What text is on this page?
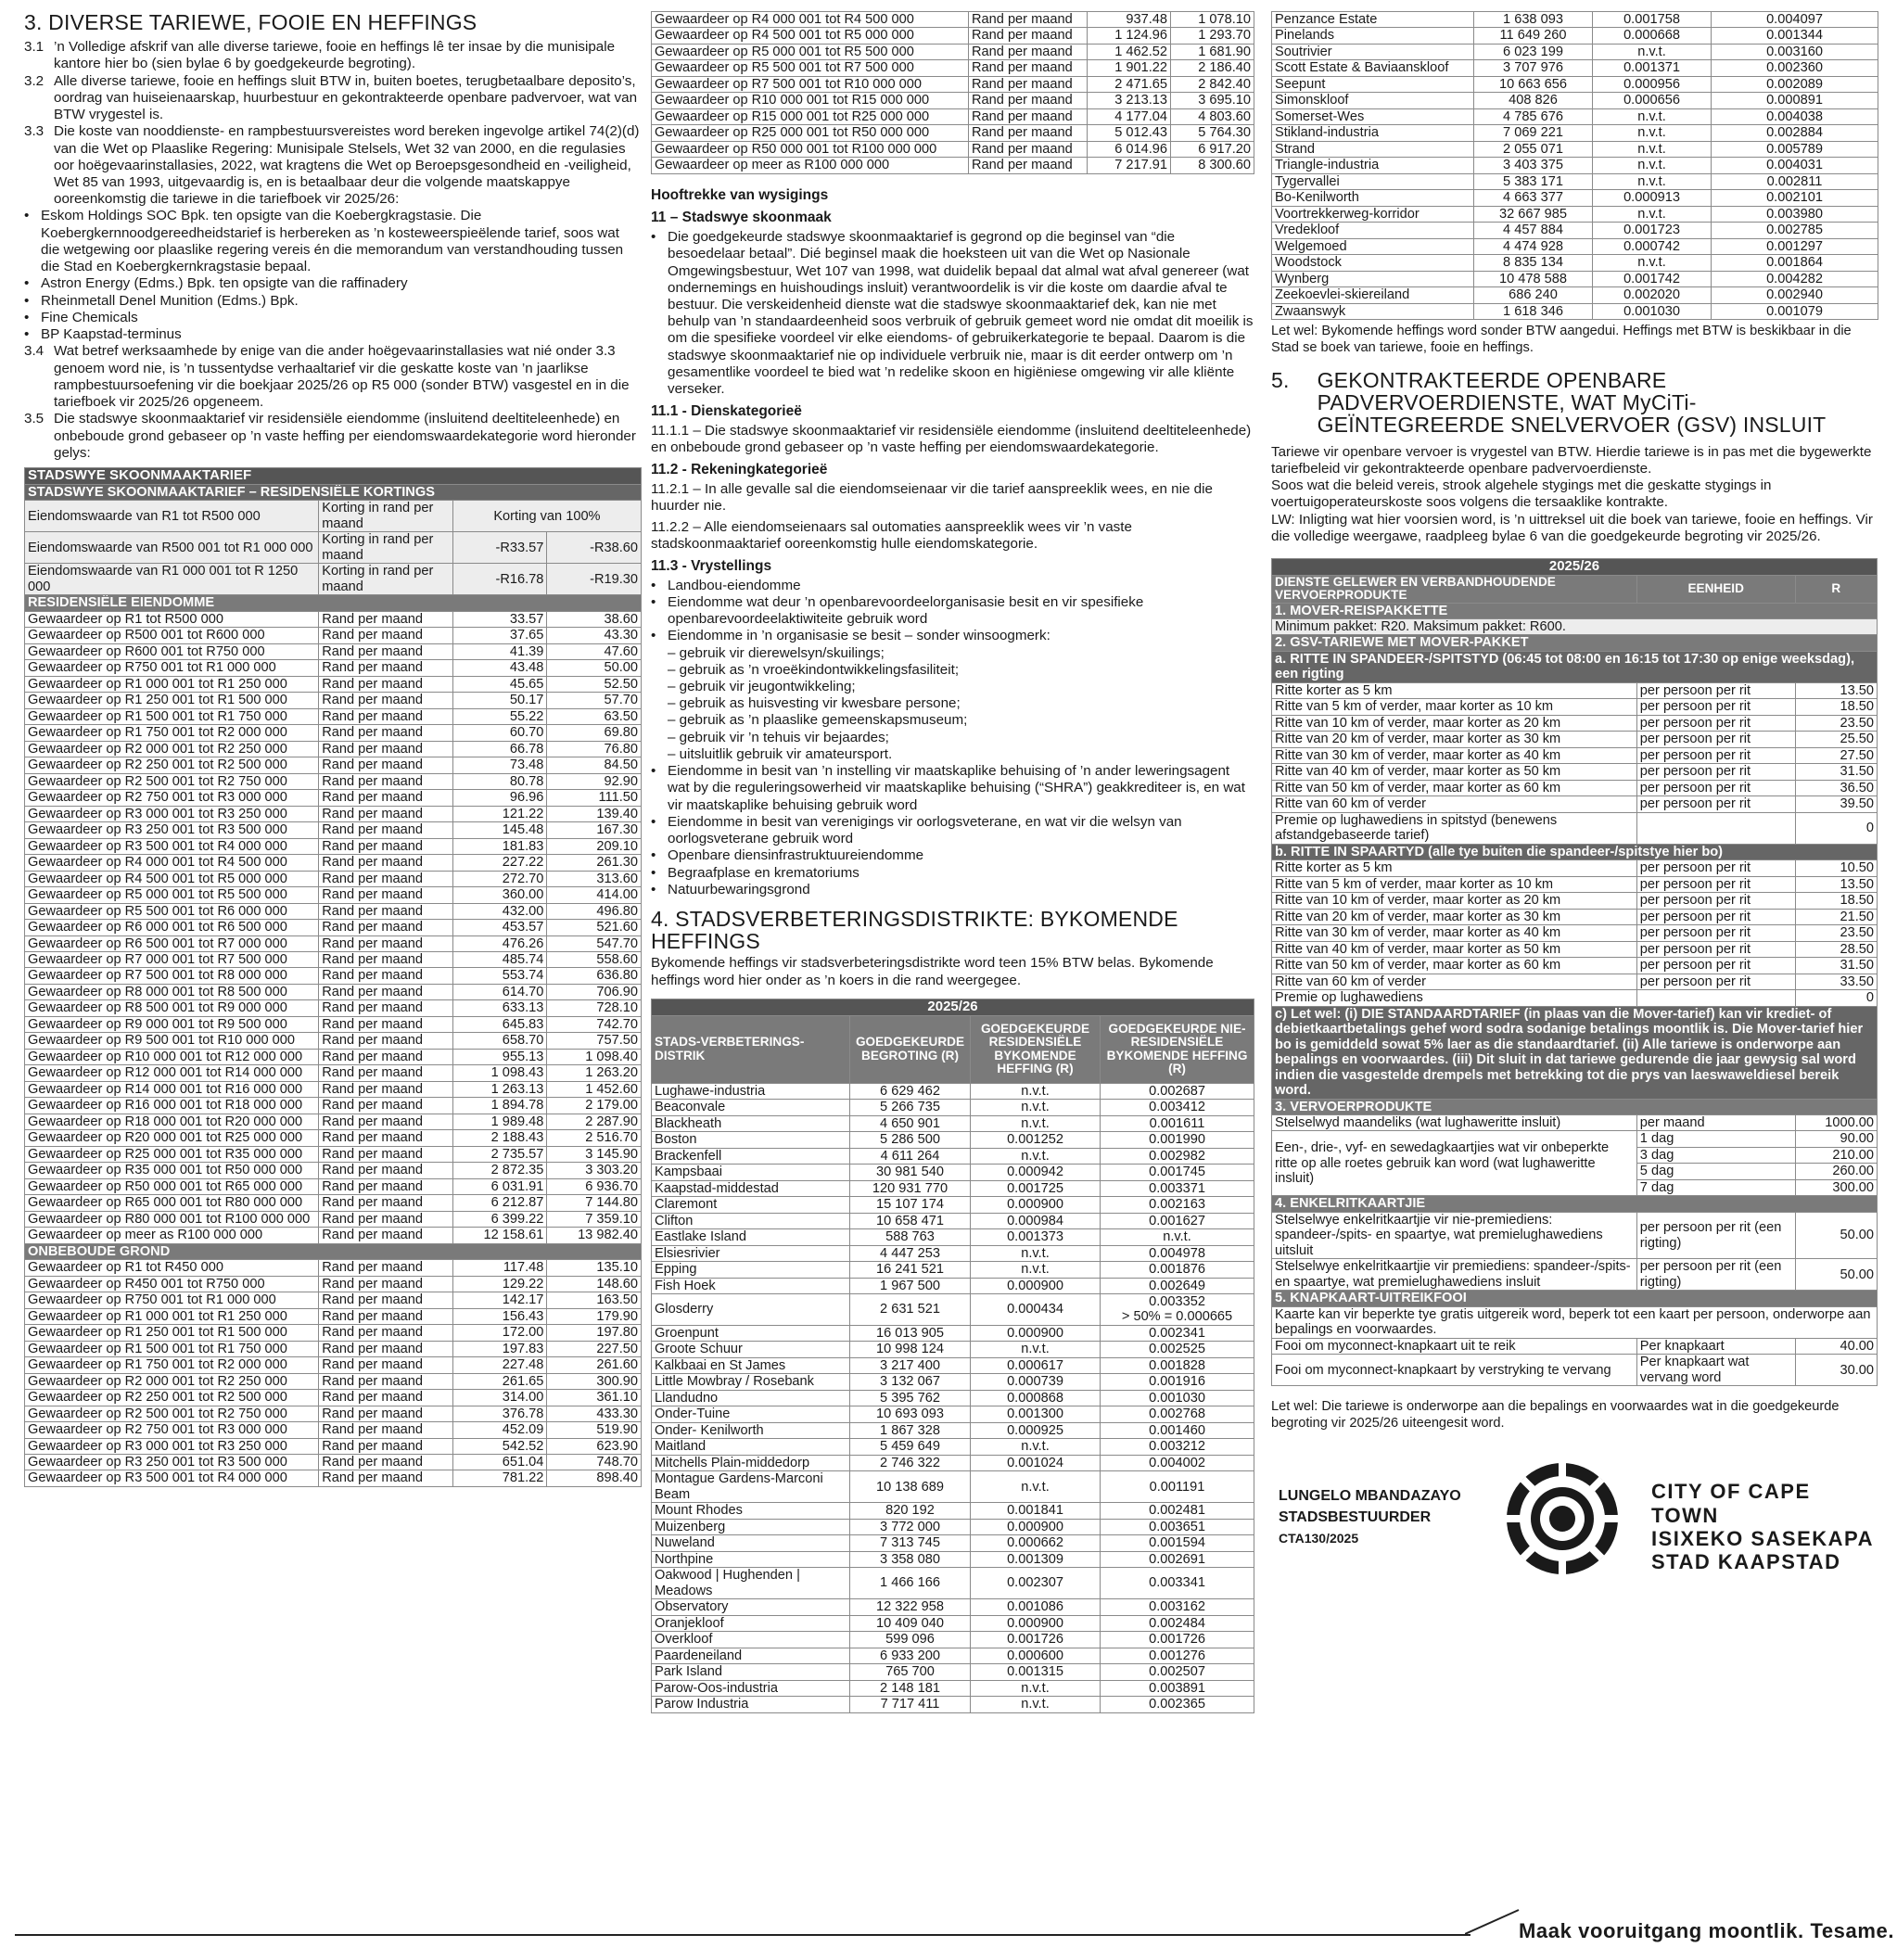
3. DIVERSE TARIEWE, FOOIE EN HEFFINGS
3.1 ’n Volledige afskrif van alle diverse tariewe, fooie en heffings lê ter insae by die munisipale kantore hier bo (sien bylae 6 by goedgekeurde begroting).
3.2 Alle diverse tariewe, fooie en heffings sluit BTW in, buiten boetes, terugbetaalbare deposito’s, oordrag van huiseienaarskap, huurbestuur en gekontrakteerde openbare padvervoer, wat van BTW vrygestel is.
3.3 Die koste van nooddienste- en rampbestuursvereistes word bereken ingevolge artikel 74(2)(d) van die Wet op Plaaslike Regering: Munisipale Stelsels, Wet 32 van 2000, en die regulasies oor hoëgevaarinstallasies, 2022, wat kragtens die Wet op Beroepsgesondheid en -veiligheid, Wet 85 van 1993, uitgevaardig is, en is betaalbaar deur die volgende maatskappye ooreenkomstig die tariewe in die tariefboek vir 2025/26:
• Eskom Holdings SOC Bpk. ten opsigte van die Koebergkragstasie. Die Koebergkernnoodgereedheidstarief is herbereken as ’n kosteweerspieëlende tarief, soos wat die wetgewing oor plaaslike regering vereis én die memorandum van verstandhouding tussen die Stad en Koebergkernkragstasie bepaal.
• Astron Energy (Edms.) Bpk. ten opsigte van die raffinadery
• Rheinmetall Denel Munition (Edms.) Bpk.
• Fine Chemicals
• BP Kaapstad-terminus
3.4 Wat betref werksaamhede by enige van die ander hoëgevaarinstallasies wat nié onder 3.3 genoem word nie, is ’n tussentydse verhaaltarief vir die geskatte koste van ’n jaarlikse rampbestuursoefening vir die boekjaar 2025/26 op R5 000 (sonder BTW) vasgestel en in die tariefboek vir 2025/26 opgeneem.
3.5 Die stadswye skoonmaaktarief vir residensiële eiendomme (insluitend deeltiteleenhede) en onbeboude grond gebaseer op ’n vaste heffing per eiendomswaardekategorie word hieronder gelys:
STADSWYE SKOONMAAKTARIEF			
STADSWYE SKOONMAAKTARIEF – RESIDENSIËLE KORTINGS			
Eiendomswaarde van R1 tot R500 000	Korting in rand per maand	Korting van 100%	
Eiendomswaarde van R500 001 tot R1 000 000	Korting in rand per maand	-R33.57	-R38.60
Eiendomswaarde van R1 000 001 tot R 1250 000	Korting in rand per maand	-R16.78	-R19.30
RESIDENSIËLE EIENDOMME			
Gewaardeer op R1 tot R500 000	Rand per maand	33.57	38.60
Gewaardeer op R500 001 tot R600 000	Rand per maand	37.65	43.30
Gewaardeer op R600 001 tot R750 000	Rand per maand	41.39	47.60
Gewaardeer op R750 001 tot R1 000 000	Rand per maand	43.48	50.00
Gewaardeer op R1 000 001 tot R1 250 000	Rand per maand	45.65	52.50
Gewaardeer op R1 250 001 tot R1 500 000	Rand per maand	50.17	57.70
Gewaardeer op R1 500 001 tot R1 750 000	Rand per maand	55.22	63.50
Gewaardeer op R1 750 001 tot R2 000 000	Rand per maand	60.70	69.80
Gewaardeer op R2 000 001 tot R2 250 000	Rand per maand	66.78	76.80
Gewaardeer op R2 250 001 tot R2 500 000	Rand per maand	73.48	84.50
Gewaardeer op R2 500 001 tot R2 750 000	Rand per maand	80.78	92.90
Gewaardeer op R2 750 001 tot R3 000 000	Rand per maand	96.96	111.50
Gewaardeer op R3 000 001 tot R3 250 000	Rand per maand	121.22	139.40
Gewaardeer op R3 250 001 tot R3 500 000	Rand per maand	145.48	167.30
Gewaardeer op R3 500 001 tot R4 000 000	Rand per maand	181.83	209.10
Gewaardeer op R4 000 001 tot R4 500 000	Rand per maand	227.22	261.30
Gewaardeer op R4 500 001 tot R5 000 000	Rand per maand	272.70	313.60
Gewaardeer op R5 000 001 tot R5 500 000	Rand per maand	360.00	414.00
Gewaardeer op R5 500 001 tot R6 000 000	Rand per maand	432.00	496.80
Gewaardeer op R6 000 001 tot R6 500 000	Rand per maand	453.57	521.60
Gewaardeer op R6 500 001 tot R7 000 000	Rand per maand	476.26	547.70
Gewaardeer op R7 000 001 tot R7 500 000	Rand per maand	485.74	558.60
Gewaardeer op R7 500 001 tot R8 000 000	Rand per maand	553.74	636.80
Gewaardeer op R8 000 001 tot R8 500 000	Rand per maand	614.70	706.90
Gewaardeer op R8 500 001 tot R9 000 000	Rand per maand	633.13	728.10
Gewaardeer op R9 000 001 tot R9 500 000	Rand per maand	645.83	742.70
Gewaardeer op R9 500 001 tot R10 000 000	Rand per maand	658.70	757.50
Gewaardeer op R10 000 001 tot R12 000 000	Rand per maand	955.13	1 098.40
Gewaardeer op R12 000 001 tot R14 000 000	Rand per maand	1 098.43	1 263.20
Gewaardeer op R14 000 001 tot R16 000 000	Rand per maand	1 263.13	1 452.60
Gewaardeer op R16 000 001 tot R18 000 000	Rand per maand	1 894.78	2 179.00
Gewaardeer op R18 000 001 tot R20 000 000	Rand per maand	1 989.48	2 287.90
Gewaardeer op R20 000 001 tot R25 000 000	Rand per maand	2 188.43	2 516.70
Gewaardeer op R25 000 001 tot R35 000 000	Rand per maand	2 735.57	3 145.90
Gewaardeer op R35 000 001 tot R50 000 000	Rand per maand	2 872.35	3 303.20
Gewaardeer op R50 000 001 tot R65 000 000	Rand per maand	6 031.91	6 936.70
Gewaardeer op R65 000 001 tot R80 000 000	Rand per maand	6 212.87	7 144.80
Gewaardeer op R80 000 001 tot R100 000 000	Rand per maand	6 399.22	7 359.10
Gewaardeer op meer as R100 000 000	Rand per maand	12 158.61	13 982.40
ONBEBOUDE GROND			
Gewaardeer op R1 tot R450 000	Rand per maand	117.48	135.10
Gewaardeer op R450 001 tot R750 000	Rand per maand	129.22	148.60
Gewaardeer op R750 001 tot R1 000 000	Rand per maand	142.17	163.50
Gewaardeer op R1 000 001 tot R1 250 000	Rand per maand	156.43	179.90
Gewaardeer op R1 250 001 tot R1 500 000	Rand per maand	172.00	197.80
Gewaardeer op R1 500 001 tot R1 750 000	Rand per maand	197.83	227.50
Gewaardeer op R1 750 001 tot R2 000 000	Rand per maand	227.48	261.60
Gewaardeer op R2 000 001 tot R2 250 000	Rand per maand	261.65	300.90
Gewaardeer op R2 250 001 tot R2 500 000	Rand per maand	314.00	361.10
Gewaardeer op R2 500 001 tot R2 750 000	Rand per maand	376.78	433.30
Gewaardeer op R2 750 001 tot R3 000 000	Rand per maand	452.09	519.90
Gewaardeer op R3 000 001 tot R3 250 000	Rand per maand	542.52	623.90
Gewaardeer op R3 250 001 tot R3 500 000	Rand per maand	651.04	748.70
Gewaardeer op R3 500 001 tot R4 000 000	Rand per maand	781.22	898.40
Gewaardeer op R4 000 001 tot R4 500 000	Rand per maand	937.48	1 078.10
Gewaardeer op R4 500 001 tot R5 000 000	Rand per maand	1 124.96	1 293.70
Gewaardeer op R5 000 001 tot R5 500 000	Rand per maand	1 462.52	1 681.90
Gewaardeer op R5 500 001 tot R7 500 000	Rand per maand	1 901.22	2 186.40
Gewaardeer op R7 500 001 tot R10 000 000	Rand per maand	2 471.65	2 842.40
Gewaardeer op R10 000 001 tot R15 000 000	Rand per maand	3 213.13	3 695.10
Gewaardeer op R15 000 001 tot R25 000 000	Rand per maand	4 177.04	4 803.60
Gewaardeer op R25 000 001 tot R50 000 000	Rand per maand	5 012.43	5 764.30
Gewaardeer op R50 000 001 tot R100 000 000	Rand per maand	6 014.96	6 917.20
Gewaardeer op meer as R100 000 000	Rand per maand	7 217.91	8 300.60
Hooftrekke van wysigings
11 – Stadswye skoonmaak
• Die goedgekeurde stadswye skoonmaaktarief is gegrond op die beginsel van “die besoedelaar betaal”. Dié beginsel maak die hoeksteen uit van die Wet op Nasionale Omgewingsbestuur, Wet 107 van 1998, wat duidelik bepaal dat almal wat afval genereer (wat ondernemings en huishoudings insluit) verantwoordelik is vir die koste om daardie afval te bestuur. Die verskeidenheid dienste wat die stadswye skoonmaaktarief dek, kan nie met behulp van ’n standaardeenheid soos verbruik of gebruik gemeet word nie omdat dit moeilik is om die spesifieke voordeel vir elke eiendoms- of gebruikerkategorie te bepaal. Daarom is die stadswye skoonmaaktarief nie op individuele verbruik nie, maar is dit eerder ontwerp om ’n gesamentlike voordeel te bied wat ’n redelike skoon en higiëniese omgewing vir alle kliënte verseker.
11.1 - Dienskategorieë

11.1.1 – Die stadswye skoonmaaktarief vir residensiële eiendomme (insluitend deeltiteleenhede) en onbeboude grond gebaseer op ’n vaste heffing per eiendomswaardekategorie.

11.2 - Rekeningkategorieë

11.2.1 – In alle gevalle sal die eiendomseienaar vir die tarief aanspreeklik wees, en nie die huurder nie.

11.2.2 – Alle eiendomseienaars sal outomaties aanspreeklik wees vir ’n vaste stadskoonmaaktarief ooreenkomstig hulle eiendomskategorie.

11.3 - Vrystellings
• Landbou-eiendomme
• Eiendomme wat deur ’n openbarevoordeelorganisasie besit en vir spesifieke openbarevoordeelaktiwiteite gebruik word
• Eiendomme in ’n organisasie se besit – sonder winsoogmerk:
– gebruik vir dierewelsyn/skuilings;
– gebruik as ’n vroeëkindontwikkelingsfasiliteit;
– gebruik vir jeugontwikkeling;
– gebruik as huisvesting vir kwesbare persone;
– gebruik as ’n plaaslike gemeenskapsmuseum;
– gebruik vir ’n tehuis vir bejaardes;
– uitsluitlik gebruik vir amateursport.
• Eiendomme in besit van ’n instelling vir maatskaplike behuising of ’n ander leweringsagent wat by die reguleringsowerheid vir maatskaplike behuising (“SHRA”) geakkrediteer is, en wat vir maatskaplike behuising gebruik word
• Eiendomme in besit van verenigings vir oorlogsveterane, en wat vir die welsyn van oorlogsveterane gebruik word
• Openbare diensinfrastruktuureiendomme
• Begraafplase en krematoriums
• Natuurbewaringsgrond
4. STADSVERBETERINGSDISTRIKTE: BYKOMENDE HEFFINGS

Bykomende heffings vir stadsverbeteringsdistrikte word teen 15% BTW belas. Bykomende heffings word hier onder as ’n koers in die rand weergegee.

2025/26			
STADS-VERBETERINGS-DISTRIK	GOEDGEKEURDE BEGROTING (R)	GOEDGEKEURDE RESIDENSIËLE BYKOMENDE HEFFING (R)	GOEDGEKEURDE NIE-RESIDENSIËLE BYKOMENDE HEFFING (R)
Lughawe-industria	6 629 462	n.v.t.	0.002687
Beaconvale	5 266 735	n.v.t.	0.003412
Blackheath	4 650 901	n.v.t.	0.001611
Boston	5 286 500	0.001252	0.001990
Brackenfell	4 611 264	n.v.t.	0.002982
Kampsbaai	30 981 540	0.000942	0.001745
Kaapstad-middestad	120 931 770	0.001725	0.003371
Claremont	15 107 174	0.000900	0.002163
Clifton	10 658 471	0.000984	0.001627
Eastlake Island	588 763	0.001373	n.v.t.
Elsiesrivier	4 447 253	n.v.t.	0.004978
Epping	16 241 521	n.v.t.	0.001876
Fish Hoek	1 967 500	0.000900	0.002649
Glosderry	2 631 521	0.000434	0.003352
> 50% = 0.000665

Groenpunt	16 013 905	0.000900	0.002341
Groote Schuur	10 998 124	n.v.t.	0.002525
Kalkbaai en St James	3 217 400	0.000617	0.001828
Little Mowbray / Rosebank	3 132 067	0.000739	0.001916
Llandudno	5 395 762	0.000868	0.001030
Onder-Tuine	10 693 093	0.001300	0.002768
Onder- Kenilworth	1 867 328	0.000925	0.001460
Maitland	5 459 649	n.v.t.	0.003212
Mitchells Plain-middedorp	2 746 322	0.001024	0.004002
Montague Gardens-Marconi Beam	10 138 689	n.v.t.	0.001191
Mount Rhodes	820 192	0.001841	0.002481
Muizenberg	3 772 000	0.000900	0.003651
Nuweland	7 313 745	0.000662	0.001594
Northpine	3 358 080	0.001309	0.002691
Oakwood | Hughenden | Meadows	1 466 166	0.002307	0.003341
Observatory	12 322 958	0.001086	0.003162
Oranjekloof	10 409 040	0.000900	0.002484
Overkloof	599 096	0.001726	0.001726
Paardeneiland	6 933 200	0.000600	0.001276
Park Island	765 700	0.001315	0.002507
Parow-Oos-industria	2 148 181	n.v.t.	0.003891
Parow Industria	7 717 411	n.v.t.	0.002365
Penzance Estate	1 638 093	0.001758	0.004097
Pinelands	11 649 260	0.000668	0.001344
Soutrivier	6 023 199	n.v.t.	0.003160
Scott Estate & Baviaanskloof	3 707 976	0.001371	0.002360
Seepunt	10 663 656	0.000956	0.002089
Simonskloof	408 826	0.000656	0.000891
Somerset-Wes	4 785 676	n.v.t.	0.004038
Stikland-industria	7 069 221	n.v.t.	0.002884
Strand	2 055 071	n.v.t.	0.005789
Triangle-industria	3 403 375	n.v.t.	0.004031
Tygervallei	5 383 171	n.v.t.	0.002811
Bo-Kenilworth	4 663 377	0.000913	0.002101
Voortrekkerweg-korridor	32 667 985	n.v.t.	0.003980
Vredekloof	4 457 884	0.001723	0.002785
Welgemoed	4 474 928	0.000742	0.001297
Woodstock	8 835 134	n.v.t.	0.001864
Wynberg	10 478 588	0.001742	0.004282
Zeekoevlei-skiereiland	686 240	0.002020	0.002940
Zwaanswyk	1 618 346	0.001030	0.001079

Let wel: Bykomende heffings word sonder BTW aangedui. Heffings met BTW is beskikbaar in die Stad se boek van tariewe, fooie en heffings.

5. GEKONTRAKTEERDE OPENBARE PADVERVOERDIENSTE, WAT MyCiTi- GEÏNTEGREERDE SNELVERVOER (GSV) INSLUIT

Tariewe vir openbare vervoer is vrygestel van BTW. Hierdie tariewe is in pas met die bygewerkte tariefbeleid vir gekontrakteerde openbare padvervoerdienste.

Soos wat die beleid vereis, strook algehele stygings met die geskatte stygings in voertuigoperateurskoste soos volgens die tersaaklike kontrakte.

LW: Inligting wat hier voorsien word, is ’n uittreksel uit die boek van tariewe, fooie en heffings. Vir die volledige weergawe, raadpleeg bylae 6 van die goedgekeurde begroting vir 2025/26.

2025/26		
DIENSTE GELEWER EN VERBANDHOUDENDE VERVOERPRODUKTE	EENHEID	R
1. MOVER-REISPAKKETTE		
Minimum pakket: R20. Maksimum pakket: R600.		
2. GSV-TARIEWE MET MOVER-PAKKET		
a. RITTE IN SPANDEER-/SPITSTYD (06:45 tot 08:00 en 16:15 tot 17:30 op enige weeksdag), een rigting		
Ritte korter as 5 km	per persoon per rit	13.50
Ritte van 5 km of verder, maar korter as 10 km	per persoon per rit	18.50
Ritte van 10 km of verder, maar korter as 20 km	per persoon per rit	23.50
Ritte van 20 km of verder, maar korter as 30 km	per persoon per rit	25.50
Ritte van 30 km of verder, maar korter as 40 km	per persoon per rit	27.50
Ritte van 40 km of verder, maar korter as 50 km	per persoon per rit	31.50
Ritte van 50 km of verder, maar korter as 60 km	per persoon per rit	36.50
Ritte van 60 km of verder	per persoon per rit	39.50
Premie op lughawediens in spitstyd (benewens afstandgebaseerde tarief)		0
b. RITTE IN SPAARTYD (alle tye buiten die spandeer-/spitstye hier bo)		
Ritte korter as 5 km	per persoon per rit	10.50
Ritte van 5 km of verder, maar korter as 10 km	per persoon per rit	13.50
Ritte van 10 km of verder, maar korter as 20 km	per persoon per rit	18.50
Ritte van 20 km of verder, maar korter as 30 km	per persoon per rit	21.50
Ritte van 30 km of verder, maar korter as 40 km	per persoon per rit	23.50
Ritte van 40 km of verder, maar korter as 50 km	per persoon per rit	28.50
Ritte van 50 km of verder, maar korter as 60 km	per persoon per rit	31.50
Ritte van 60 km of verder	per persoon per rit	33.50
Premie op lughawediens		0
c) Let wel: (i) DIE STANDAARDTARIEF (in plaas van die Mover-tarief) kan vir krediet- of debietkaartbetalings gehef word sodra sodanige betalings moontlik is. Die Mover-tarief hier bo is gemiddeld sowat 5% laer as die standaardtarief. (ii) Alle tariewe is onderworpe aan bepalings en voorwaardes. (iii) Dit sluit in dat tariewe gedurende die jaar gewysig sal word indien die vasgestelde drempels met betrekking tot die prys van laeswaweldiesel bereik word.		
3. VERVOERPRODUKTE		
Stelselwyd maandeliks (wat lughaweritte insluit)	per maand	1000.00
Een-, drie-, vyf- en sewedagkaartjies wat vir onbeperkte ritte op alle roetes gebruik kan word (wat lughaweritte insluit)	1 dag	90.00
	3 dag	210.00
	5 dag	260.00
	7 dag	300.00
4. ENKELRITKAARTJIE		
Stelselwye enkelritkaartjie vir nie-premiediens: spandeer-/spits- en spaartye, wat premielughawediens uitsluit	per persoon per rit (een rigting)	50.00
Stelselwye enkelritkaartjie vir premiediens: spandeer-/spits- en spaartye, wat premielughawediens insluit	per persoon per rit (een rigting)	50.00
5. KNAPKAART-UITREIKFOOI		
Kaarte kan vir beperkte tye gratis uitgereik word, beperk tot een kaart per persoon, onderworpe aan bepalings en voorwaardes.		
Fooi om myconnect-knapkaart uit te reik	Per knapkaart	40.00
Fooi om myconnect-knapkaart by verstryking te vervang	Per knapkaart wat vervang word	30.00

Let wel: Die tariewe is onderworpe aan die bepalings en voorwaardes wat in die goedgekeurde begroting vir 2025/26 uiteengesit word.

LUNGELO MBANDAZAYO
STADSBESTUURDER
CTA130/2025
CITY OF CAPE TOWN
ISIXEKO SASEKAPA
STAD KAAPSTAD
Maak vooruitgang moontlik. Tesame.
